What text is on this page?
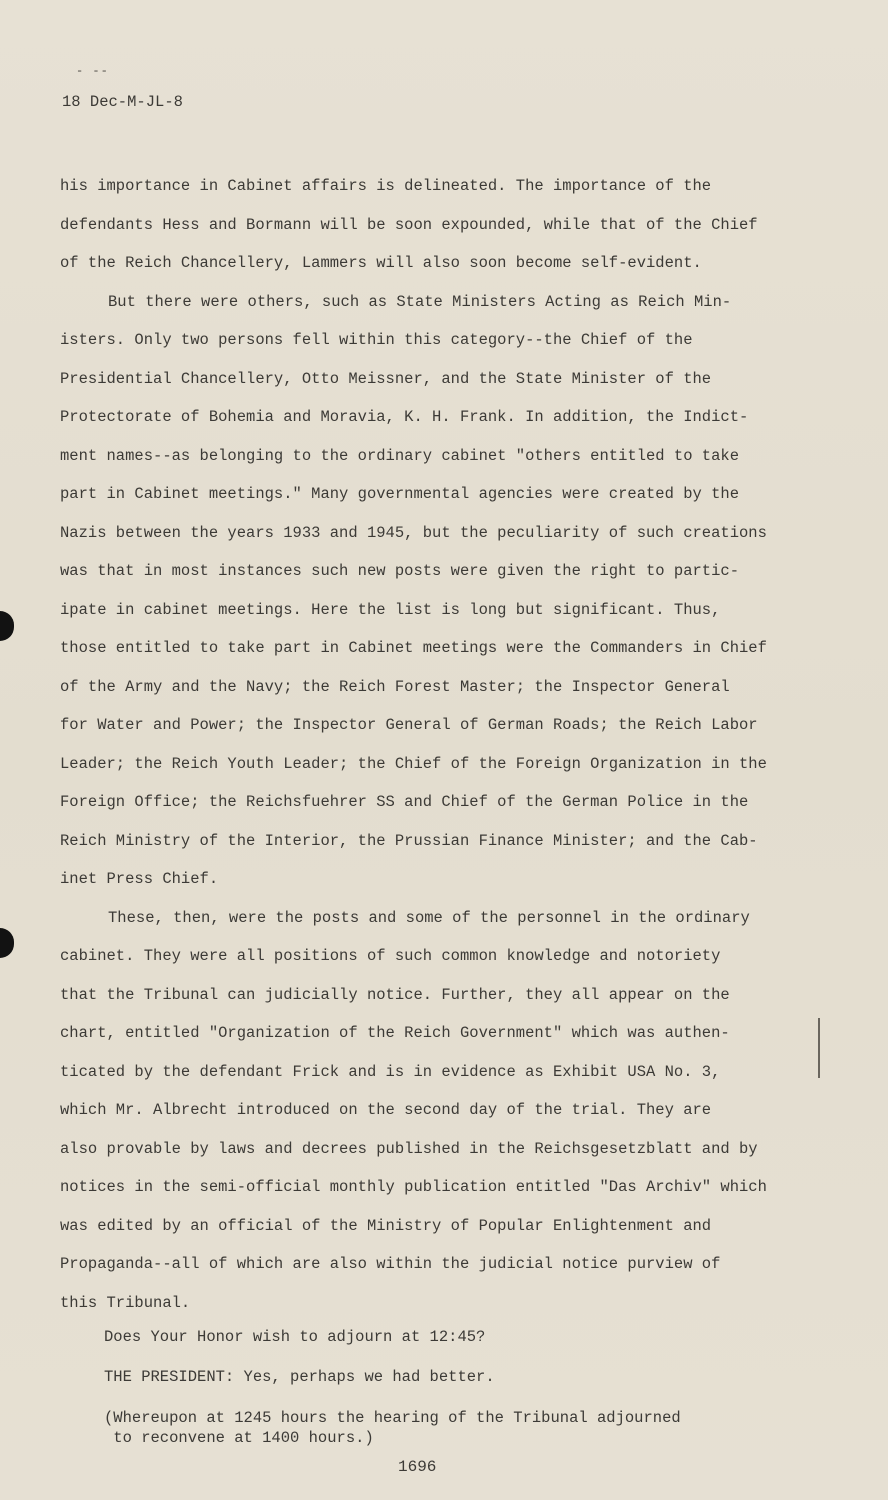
- --
18 Dec-M-JL-8
his importance in Cabinet affairs is delineated. The importance of the
defendants Hess and Bormann will be soon expounded, while that of the Chief
of the Reich Chancellery, Lammers will also soon become self-evident.
But there were others, such as State Ministers Acting as Reich Min-
isters. Only two persons fell within this category--the Chief of the
Presidential Chancellery, Otto Meissner, and the State Minister of the
Protectorate of Bohemia and Moravia, K. H. Frank. In addition, the Indict-
ment names--as belonging to the ordinary cabinet "others entitled to take
part in Cabinet meetings." Many governmental agencies were created by the
Nazis between the years 1933 and 1945, but the peculiarity of such creations
was that in most instances such new posts were given the right to partic-
ipate in cabinet meetings. Here the list is long but significant. Thus,
those entitled to take part in Cabinet meetings were the Commanders in Chief
of the Army and the Navy; the Reich Forest Master; the Inspector General
for Water and Power; the Inspector General of German Roads; the Reich Labor
Leader; the Reich Youth Leader; the Chief of the Foreign Organization in the
Foreign Office; the Reichsfuehrer SS and Chief of the German Police in the
Reich Ministry of the Interior, the Prussian Finance Minister; and the Cab-
inet Press Chief.
These, then, were the posts and some of the personnel in the ordinary
cabinet. They were all positions of such common knowledge and notoriety
that the Tribunal can judicially notice. Further, they all appear on the
chart, entitled "Organization of the Reich Government" which was authen-
ticated by the defendant Frick and is in evidence as Exhibit USA No. 3,
which Mr. Albrecht introduced on the second day of the trial. They are
also provable by laws and decrees published in the Reichsgesetzblatt and by
notices in the semi-official monthly publication entitled "Das Archiv" which
was edited by an official of the Ministry of Popular Enlightenment and
Propaganda--all of which are also within the judicial notice purview of
this Tribunal.
Does Your Honor wish to adjourn at 12:45?
THE PRESIDENT: Yes, perhaps we had better.
(Whereupon at 1245 hours the hearing of the Tribunal adjourned
to reconvene at 1400 hours.)
1696
